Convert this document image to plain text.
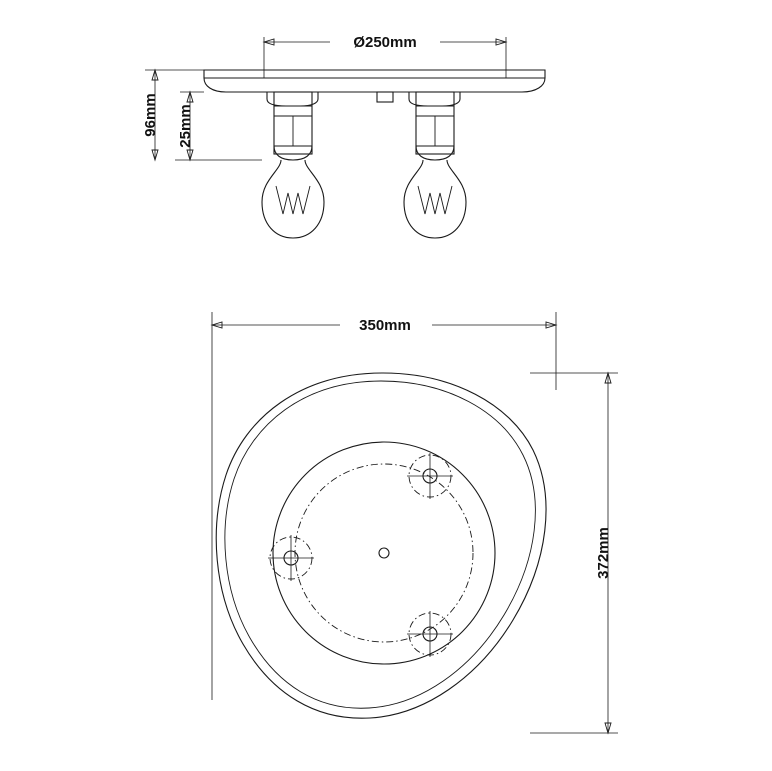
Ø250mm
96mm 25mm
350mm
372mm
